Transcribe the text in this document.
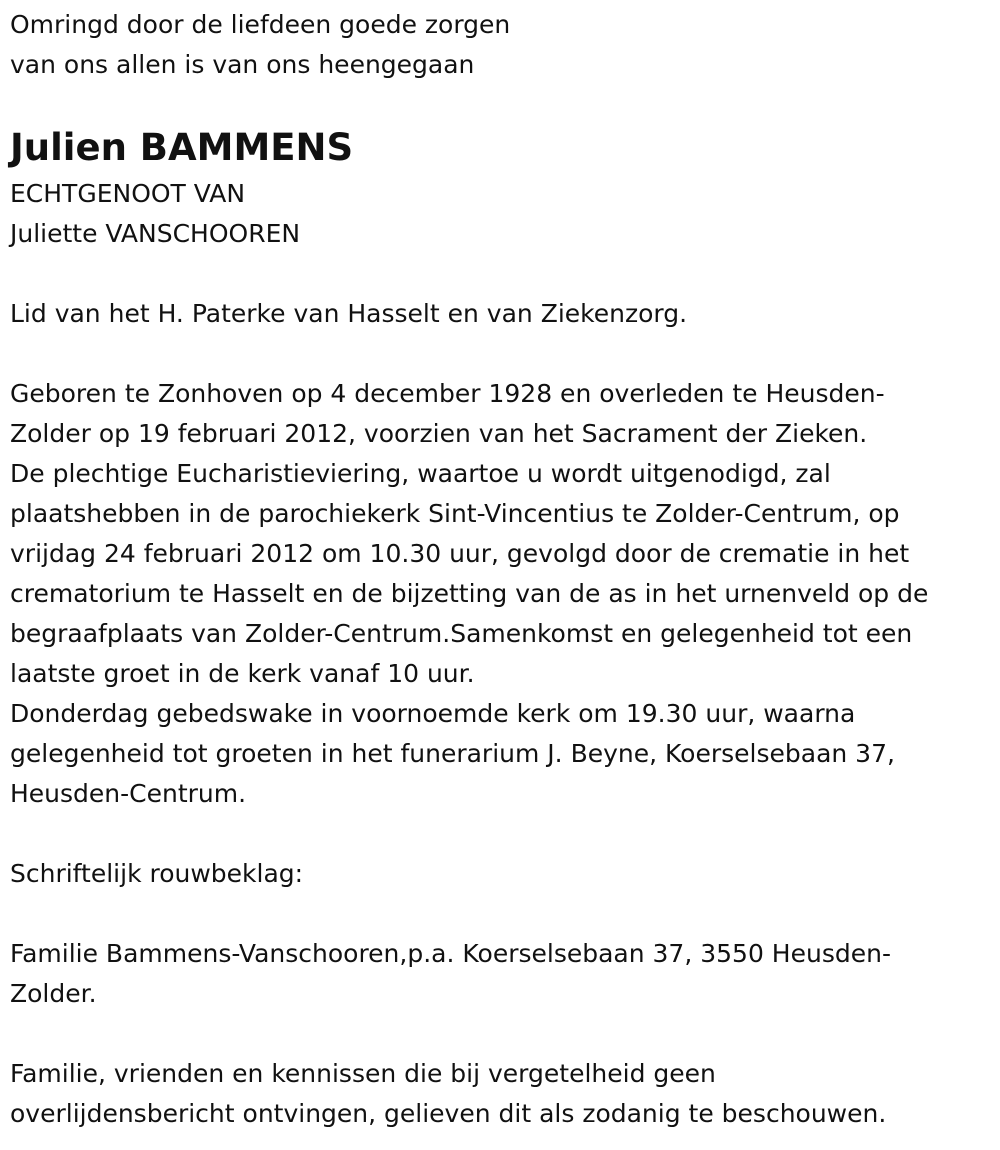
Omringd door de liefdeen goede zorgen
van ons allen is van ons heengegaan
Julien BAMMENS
ECHTGENOOT VAN
Juliette VANSCHOOREN
Lid van het H. Paterke van Hasselt en van Ziekenzorg.
Geboren te Zonhoven op 4 december 1928 en overleden te Heusden-
Zolder op 19 februari 2012, voorzien van het Sacrament der Zieken.
De plechtige Eucharistieviering, waartoe u wordt uitgenodigd, zal
plaatshebben in de parochiekerk Sint-Vincentius te Zolder-Centrum, op
vrijdag 24 februari 2012 om 10.30 uur, gevolgd door de crematie in het
crematorium te Hasselt en de bijzetting van de as in het urnenveld op de
begraafplaats van Zolder-Centrum.Samenkomst en gelegenheid tot een
laatste groet in de kerk vanaf 10 uur.
Donderdag gebedswake in voornoemde kerk om 19.30 uur, waarna
gelegenheid tot groeten in het funerarium J. Beyne, Koerselsebaan 37,
Heusden-Centrum.
Schriftelijk rouwbeklag:
Familie Bammens-Vanschooren,p.a. Koerselsebaan 37, 3550 Heusden-
Zolder.
Familie, vrienden en kennissen die bij vergetelheid geen
overlijdensbericht ontvingen, gelieven dit als zodanig te beschouwen.
